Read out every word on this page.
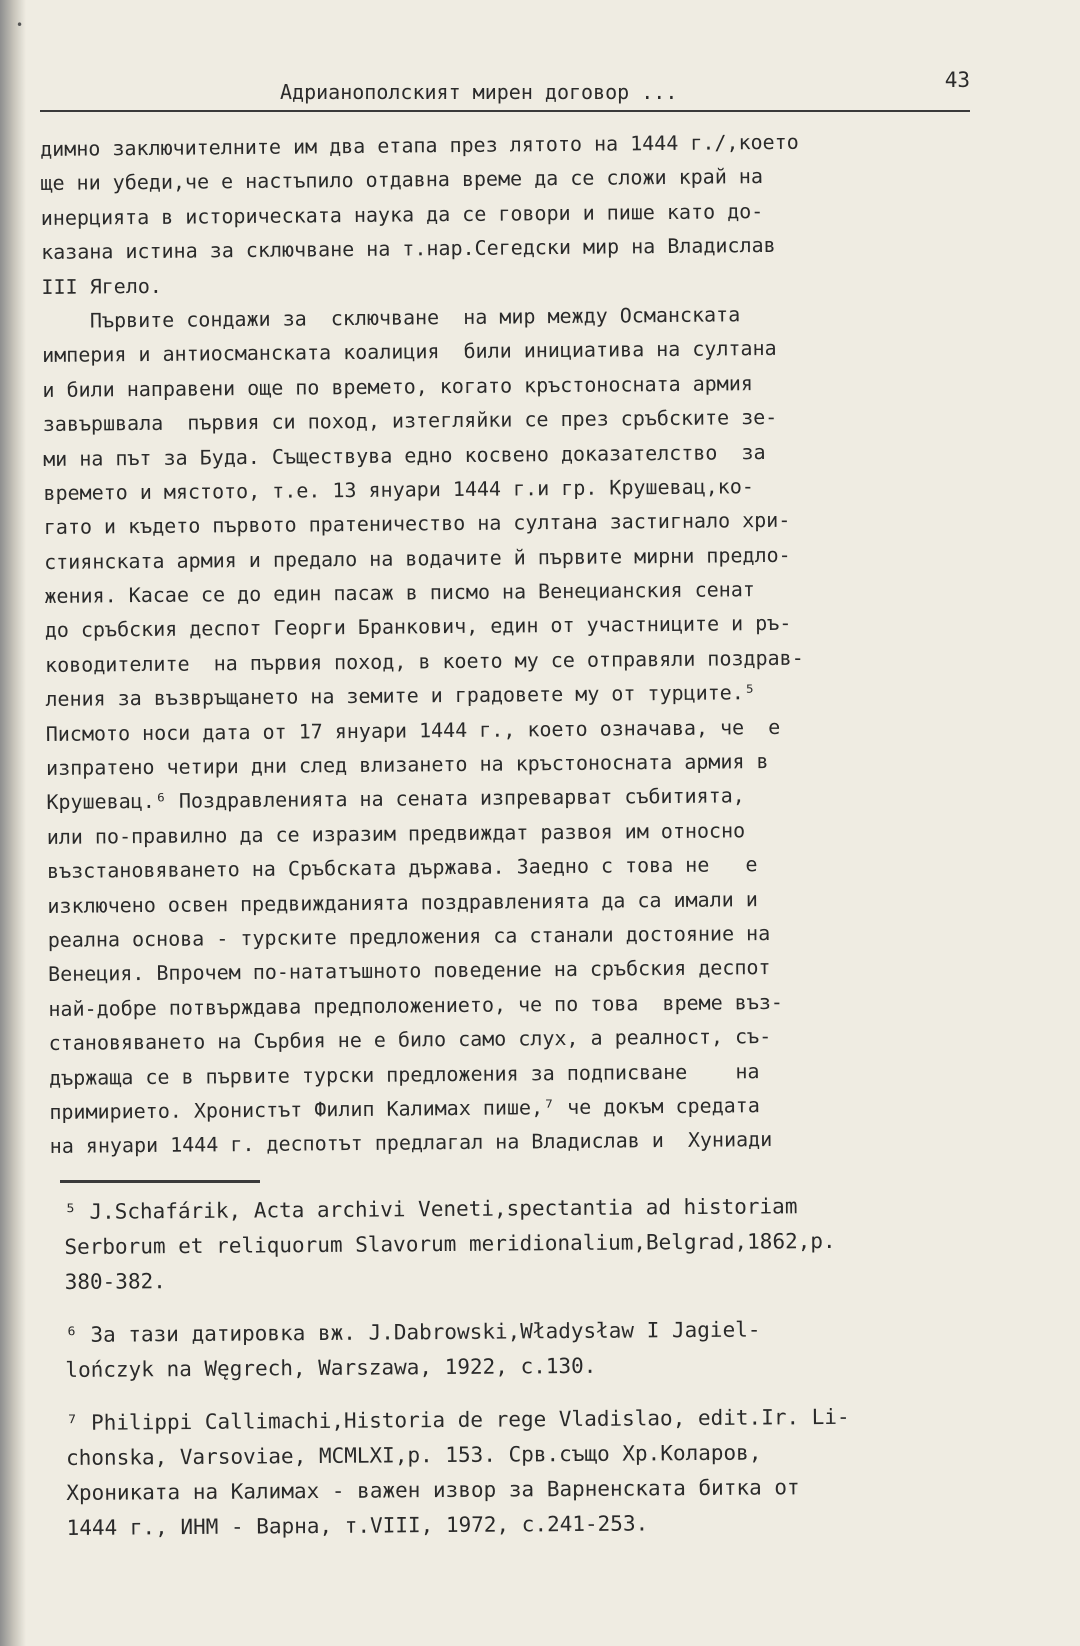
•
Адрианополският мирен договор ...	43
димно заключителните им два етапа през лятото на 1444 г./,което
ще ни убеди,че е настъпило отдавна време да се сложи край на
инерцията в историческата наука да се говори и пише като до-
казана истина за сключване на т.нар.Сегедски мир на Владислав
III Ягело.
Първите сондажи за  сключване  на мир между Османската
империя и антиосманската коалиция  били инициатива на султана
и били направени още по времето, когато кръстоносната армия
завършвала  първия си поход, изтегляйки се през сръбските зе-
ми на път за Буда. Съществува едно косвено доказателство  за
времето и мястото, т.е. 13 януари 1444 г.и гр. Крушевац,ко-
гато и където първото пратеничество на султана застигнало хри-
стиянската армия и предало на водачите й първите мирни предло-
жения. Касае се до един пасаж в писмо на Венецианския сенат
до сръбския деспот Георги Бранкович, един от участниците и ръ-
ководителите  на първия поход, в което му се отправяли поздрав-
ления за възвръщането на земите и градовете му от турците.⁵
Писмото носи дата от 17 януари 1444 г., което означава, че  е
изпратено четири дни след влизането на кръстоносната армия в
Крушевац.⁶ Поздравленията на сената изпреварват събитията,
или по-правилно да се изразим предвиждат развоя им относно
възстановяването на Сръбската държава. Заедно с това не   е
изключено освен предвижданията поздравленията да са имали и
реална основа - турските предложения са станали достояние на
Венеция. Впрочем по-нататъшното поведение на сръбския деспот
най-добре потвърждава предположението, че по това  време въз-
становяването на Сърбия не е било само слух, а реалност, съ-
държаща се в първите турски предложения за подписване    на
примирието. Хронистът Филип Калимах пише,⁷ че докъм средата
на януари 1444 г. деспотът предлагал на Владислав и  Хуниади
⁵ J.Schafárik, Acta archivi Veneti,spectantia ad historiam
Serborum et reliquorum Slavorum meridionalium,Belgrad,1862,p.
380-382.
⁶ За тази датировка вж. J.Dabrowski,Władysław I Jagiel-
lończyk na Węgrech, Warszawa, 1922, c.130.
⁷ Philippi Callimachi,Historia de rege Vladislao, edit.Ir. Li-
chonska, Varsoviae, MCMLXI,p. 153. Срв.също Хр.Коларов,
Хрониката на Калимах - важен извор за Варненската битка от
1444 г., ИНМ - Варна, т.VIII, 1972, с.241-253.
